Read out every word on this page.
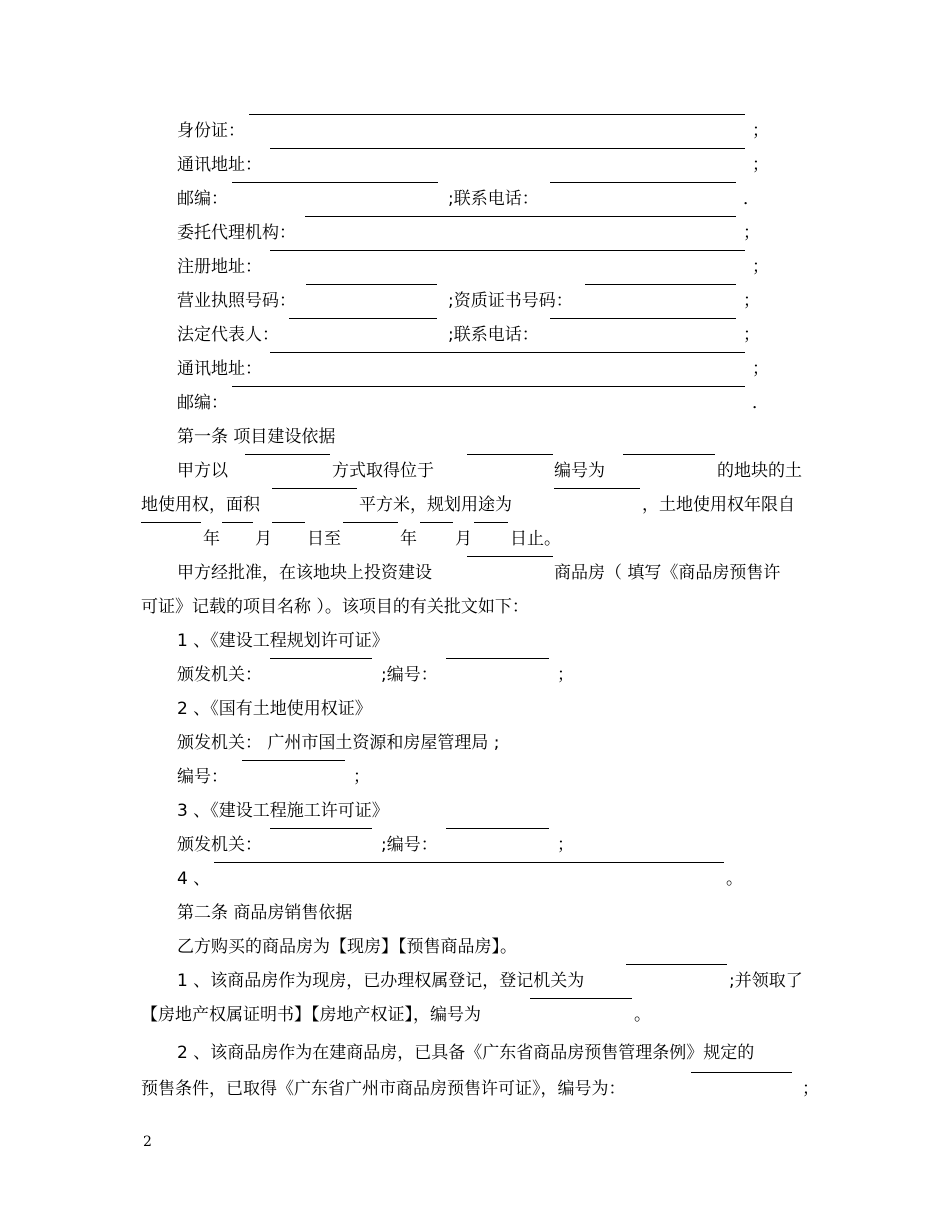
身份证：	；
通讯地址：	；
邮编：	;联系电话：	．
委托代理机构：	；
注册地址：	；
营业执照号码：	;资质证书号码：	；
法定代表人：	;联系电话：	；
通讯地址：	；
邮编：	．
第一条 项目建设依据
甲方以	方式取得位于	编号为	的地块的土
地使用权，面积	平方米，规划用途为	，土地使用权年限自
年 月 日至	年 月 日止。
甲方经批准，在该地块上投资建设	商品房（ 填写《商品房预售许
可证》记载的项目名称 ）。该项目的有关批文如下：
1 、《建设工程规划许可证》
颁发机关：	;编号：	；
2 、《国有土地使用权证》
颁发机关： 广州市国土资源和房屋管理局 ;
编号：	；
3 、《建设工程施工许可证》
颁发机关：	;编号：	；
4 、	。
第二条 商品房销售依据
乙方购买的商品房为【现房】【预售商品房】。
1 、该商品房作为现房，已办理权属登记，登记机关为	;并领取了
【房地产权属证明书】【房地产权证】，编号为	。
2 、该商品房作为在建商品房，已具备《广东省商品房预售管理条例》规定的
预售条件，已取得《广东省广州市商品房预售许可证》，编号为：	；
2
